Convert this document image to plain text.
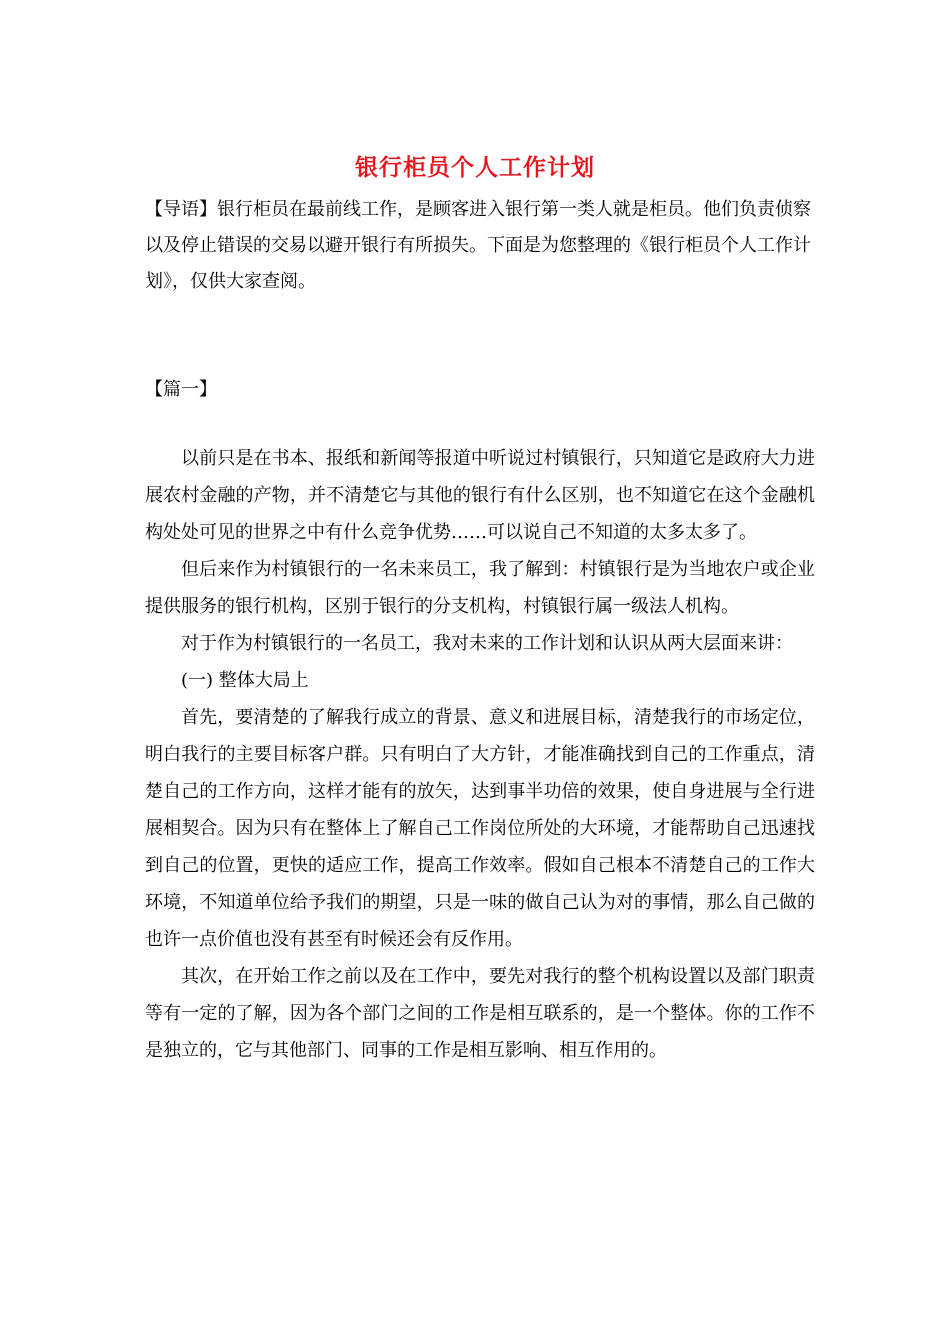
银行柜员个人工作计划
【导语】银行柜员在最前线工作，是顾客进入银行第一类人就是柜员。他们负责侦察以及停止错误的交易以避开银行有所损失。下面是为您整理的《银行柜员个人工作计划》，仅供大家查阅。
【篇一】

以前只是在书本、报纸和新闻等报道中听说过村镇银行，只知道它是政府大力进展农村金融的产物，并不清楚它与其他的银行有什么区别，也不知道它在这个金融机构处处可见的世界之中有什么竞争优势……可以说自己不知道的太多太多了。

但后来作为村镇银行的一名未来员工，我了解到：村镇银行是为当地农户或企业提供服务的银行机构，区别于银行的分支机构，村镇银行属一级法人机构。

对于作为村镇银行的一名员工，我对未来的工作计划和认识从两大层面来讲：

(一) 整体大局上

首先，要清楚的了解我行成立的背景、意义和进展目标，清楚我行的市场定位，明白我行的主要目标客户群。只有明白了大方针，才能准确找到自己的工作重点，清楚自己的工作方向，这样才能有的放矢，达到事半功倍的效果，使自身进展与全行进展相契合。因为只有在整体上了解自己工作岗位所处的大环境，才能帮助自己迅速找到自己的位置，更快的适应工作，提高工作效率。假如自己根本不清楚自己的工作大环境，不知道单位给予我们的期望，只是一味的做自己认为对的事情，那么自己做的也许一点价值也没有甚至有时候还会有反作用。

其次，在开始工作之前以及在工作中，要先对我行的整个机构设置以及部门职责等有一定的了解，因为各个部门之间的工作是相互联系的，是一个整体。你的工作不是独立的，它与其他部门、同事的工作是相互影响、相互作用的。
